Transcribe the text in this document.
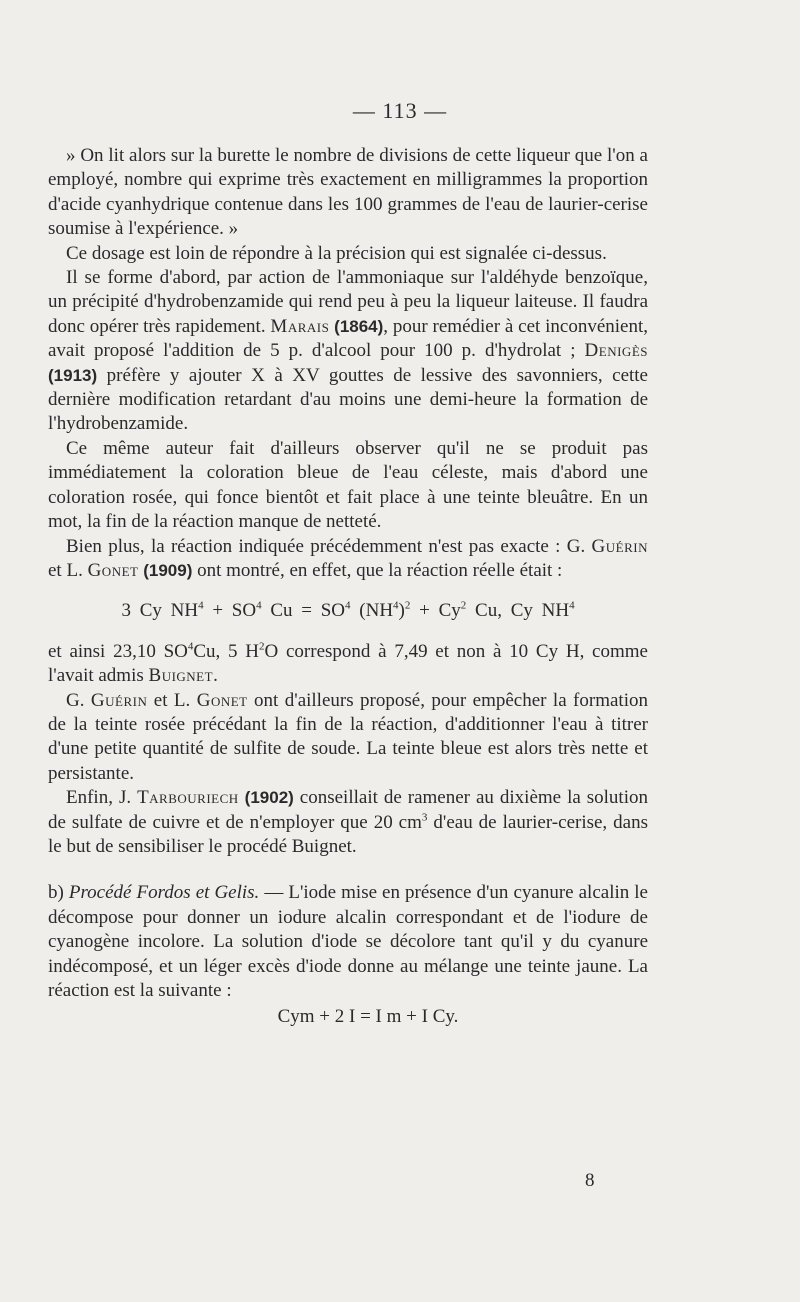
— 113 —

» On lit alors sur la burette le nombre de divisions de cette liqueur que l'on a employé, nombre qui exprime très exactement en milligrammes la proportion d'acide cyanhydrique contenue dans les 100 grammes de l'eau de laurier-cerise soumise à l'expérience. »

Ce dosage est loin de répondre à la précision qui est signalée ci-dessus.

Il se forme d'abord, par action de l'ammoniaque sur l'aldéhyde benzoïque, un précipité d'hydrobenzamide qui rend peu à peu la liqueur laiteuse. Il faudra donc opérer très rapidement. Marais (1864), pour remédier à cet inconvénient, avait proposé l'addition de 5 p. d'alcool pour 100 p. d'hydrolat ; Denigès (1913) préfère y ajouter X à XV gouttes de lessive des savonniers, cette dernière modification retardant d'au moins une demi-heure la formation de l'hydrobenzamide.

Ce même auteur fait d'ailleurs observer qu'il ne se produit pas immédiatement la coloration bleue de l'eau céleste, mais d'abord une coloration rosée, qui fonce bientôt et fait place à une teinte bleuâtre. En un mot, la fin de la réaction manque de netteté.

Bien plus, la réaction indiquée précédemment n'est pas exacte : G. Guérin et L. Gonet (1909) ont montré, en effet, que la réaction réelle était :

3 Cy $NH^4 + SO^4$ $Cu = SO^4$ $(NH^4)^2 + Cy^2$ Cu, Cy $NH^4$

et ainsi 23,10 $SO^4Cu$, 5 $H^2O$ correspond à 7,49 et non à 10 Cy H, comme l'avait admis Buignet.

G. Guérin et L. Gonet ont d'ailleurs proposé, pour empêcher la formation de la teinte rosée précédant la fin de la réaction, d'additionner l'eau à titrer d'une petite quantité de sulfite de soude. La teinte bleue est alors très nette et persistante.

Enfin, J. Tarbouriech (1902) conseillait de ramener au dixième la solution de sulfate de cuivre et de n'employer que 20 $cm^3$ d'eau de laurier-cerise, dans le but de sensibiliser le procédé Buignet.

b) Procédé Fordos et Gelis. — L'iode mise en présence d'un cyanure alcalin le décompose pour donner un iodure alcalin correspondant et de l'iodure de cyanogène incolore. La solution d'iode se décolore tant qu'il y du cyanure indécomposé, et un léger excès d'iode donne au mélange une teinte jaune. La réaction est la suivante :

Cym + 2 I = I m + I Cy.
8
